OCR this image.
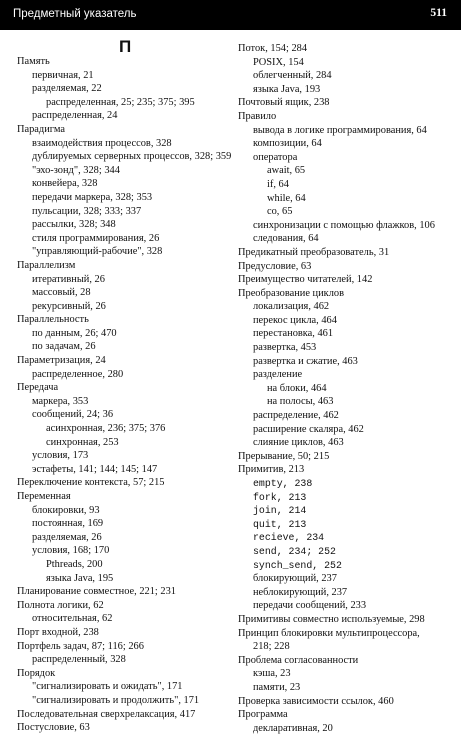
Предметный указатель	511
П
Память
первичная, 21
разделяемая, 22
распределенная, 25; 235; 375; 395
распределенная, 24
Парадигма
взаимодействия процессов, 328
дублируемых серверных процессов, 328; 359
"эхо-зонд", 328; 344
конвейера, 328
передачи маркера, 328; 353
пульсации, 328; 333; 337
рассылки, 328; 348
стиля программирования, 26
"управляющий-рабочие", 328
Параллелизм
итеративный, 26
массовый, 28
рекурсивный, 26
Параллельность
по данным, 26; 470
по задачам, 26
Параметризация, 24
распределенное, 280
Передача
маркера, 353
сообщений, 24; 36
асинхронная, 236; 375; 376
синхронная, 253
условия, 173
эстафеты, 141; 144; 145; 147
Переключение контекста, 57; 215
Переменная
блокировки, 93
постоянная, 169
разделяемая, 26
условия, 168; 170
Pthreads, 200
языка Java, 195
Планирование совместное, 221; 231
Полнота логики, 62
относительная, 62
Порт входной, 238
Портфель задач, 87; 116; 266
распределенный, 328
Порядок
"сигнализировать и ожидать", 171
"сигнализировать и продолжить", 171
Последовательная сверхрелаксация, 417
Постусловие, 63
Поток, 154; 284
POSIX, 154
облегченный, 284
языка Java, 193
Почтовый ящик, 238
Правило
вывода в логике программирования, 64
композиции, 64
оператора
await, 65
if, 64
while, 64
co, 65
синхронизации с помощью флажков, 106
следования, 64
Предикатный преобразователь, 31
Предусловие, 63
Преимущество читателей, 142
Преобразование циклов
локализация, 462
перекос цикла, 464
перестановка, 461
развертка, 453
развертка и сжатие, 463
разделение
на блоки, 464
на полосы, 463
распределение, 462
расширение скаляра, 462
слияние циклов, 463
Прерывание, 50; 215
Примитив, 213
empty, 238
fork, 213
join, 214
quit, 213
recieve, 234
send, 234; 252
synch_send, 252
блокирующий, 237
неблокирующий, 237
передачи сообщений, 233
Примитивы совместно используемые, 298
Принцип блокировки мультипроцессора,
218; 228
Проблема согласованности
кэша, 23
памяти, 23
Проверка зависимости ссылок, 460
Программа
декларативная, 20
